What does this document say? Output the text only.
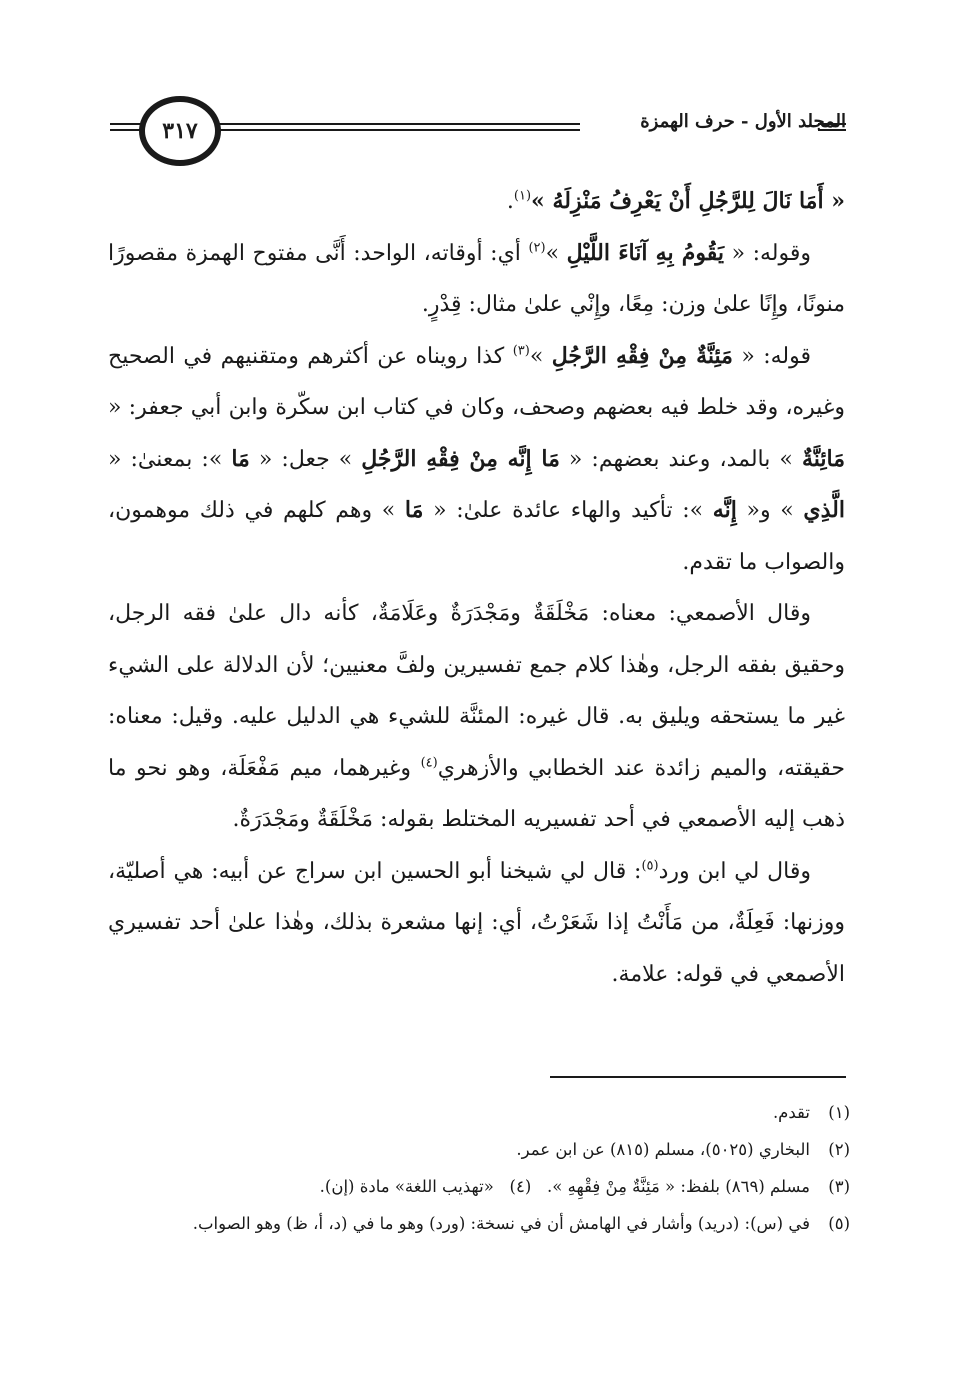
٣١٧	المجلد الأول - حرف الهمزة

« أَمَا نَالَ لِلرَّجُلِ أَنْ يَعْرِفُ مَنْزِلَهُ »$^{(١)}$.

وقوله: « يَقُومُ بِهِ آنَاءَ اللَّيْلِ »$^{(٢)}$ أي: أوقاته، الواحد: أَنَّى مفتوح الهمزة مقصورًا منونًا، وإِنًا علىٰ وزن: مِعًا، وإِنْي علىٰ مثال: قِدْرٍ.

قوله: « مَئِنَّةٌ مِنْ فِقْهِ الرَّجُلِ »$^{(٣)}$ كذا رويناه عن أكثرهم ومتقنيهم في الصحيح وغيره، وقد خلط فيه بعضهم وصحف، وكان في كتاب ابن سكّرة وابن أبي جعفر: « مَائِنَّةٌ » بالمد، وعند بعضهم: « مَا إِنَّه مِنْ فِقْهِ الرَّجُلِ » جعل: « مَا »: بمعنىٰ: « الَّذِي » و« إِنَّه »: تأكيد والهاء عائدة علىٰ: « مَا » وهم كلهم في ذلك موهمون، والصواب ما تقدم.

وقال الأصمعي: معناه: مَخْلَقَةٌ ومَجْدَرَةٌ وعَلَامَةٌ، كأنه دال علىٰ فقه الرجل، وحقيق بفقه الرجل، وهٰذا كلام جمع تفسيرين ولفَّ معنيين؛ لأن الدلالة على الشيء غير ما يستحقه ويليق به. قال غيره: المئنَّة للشيء هي الدليل عليه. وقيل: معناه: حقيقته، والميم زائدة عند الخطابي والأزهري$^{(٤)}$ وغيرهما، ميم مَفْعَلَة، وهو نحو ما ذهب إليه الأصمعي في أحد تفسيريه المختلط بقوله: مَخْلَقَةٌ ومَجْدَرَةٌ.

وقال لي ابن ورد$^{(٥)}$: قال لي شيخنا أبو الحسين ابن سراج عن أبيه: هي أصليّة، ووزنها: فَعِلَةٌ، من مَأَنْتُ إذا شَعَرْتُ، أي: إنها مشعرة بذلك، وهٰذا علىٰ أحد تفسيري الأصمعي في قوله: علامة.

(١)
تقدم.
(٢)
البخاري (٥٠٢٥)، مسلم (٨١٥) عن ابن عمر.
(٣)
مسلم (٨٦٩) بلفظ: « مَئِنَّةٌ مِنْ فِقْهِهِ ».   (٤)   «تهذيب اللغة» مادة (إن).
(٥)
في (س): (دريد) وأشار في الهامش أن في نسخة: (ورد) وهو ما في (د، أ، ظ) وهو الصواب.
